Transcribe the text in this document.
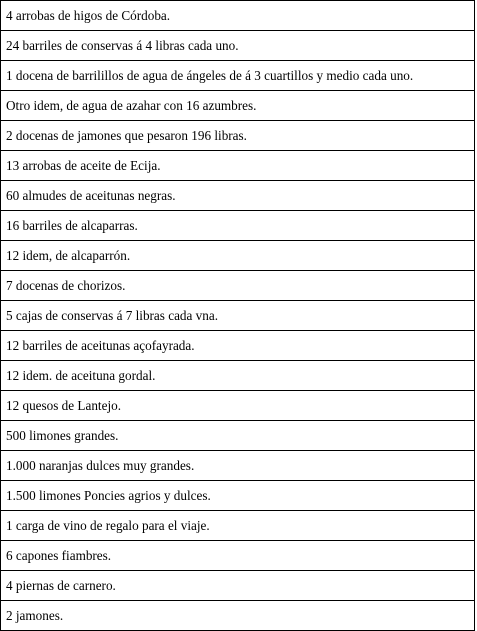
4 arrobas de higos de Córdoba.
24 barriles de conservas á 4 libras cada uno.
1 docena de barrilillos de agua de ángeles de á 3 cuartillos y medio cada uno.
Otro idem, de agua de azahar con 16 azumbres.
2 docenas de jamones que pesaron 196 libras.
13 arrobas de aceite de Ecija.
60 almudes de aceitunas negras.
16 barriles de alcaparras.
12 idem, de alcaparrón.
7 docenas de chorizos.
5 cajas de conservas á 7 libras cada vna.
12 barriles de aceitunas açofayrada.
12 idem. de aceituna gordal.
12 quesos de Lantejo.
500 limones grandes.
1.000 naranjas dulces muy grandes.
1.500 limones Poncies agrios y dulces.
1 carga de vino de regalo para el viaje.
6 capones fiambres.
4 piernas de carnero.
2 jamones.
